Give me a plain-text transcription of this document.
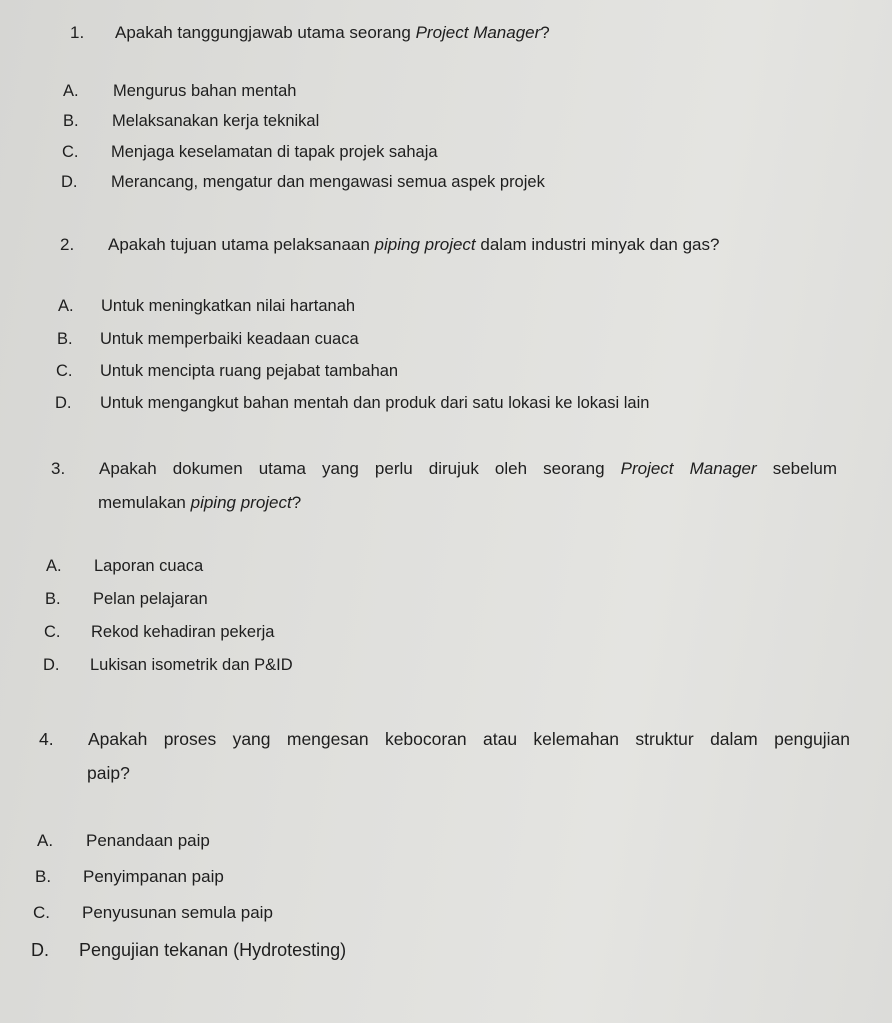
1. Apakah tanggungjawab utama seorang Project Manager?
A. Mengurus bahan mentah
B. Melaksanakan kerja teknikal
C. Menjaga keselamatan di tapak projek sahaja
D. Merancang, mengatur dan mengawasi semua aspek projek
2. Apakah tujuan utama pelaksanaan piping project dalam industri minyak dan gas?
A. Untuk meningkatkan nilai hartanah
B. Untuk memperbaiki keadaan cuaca
C. Untuk mencipta ruang pejabat tambahan
D. Untuk mengangkut bahan mentah dan produk dari satu lokasi ke lokasi lain
3. Apakah dokumen utama yang perlu dirujuk oleh seorang Project Manager sebelum
memulakan piping project?
A. Laporan cuaca
B. Pelan pelajaran
C. Rekod kehadiran pekerja
D. Lukisan isometrik dan P&ID
4. Apakah proses yang mengesan kebocoran atau kelemahan struktur dalam pengujian
paip?
A. Penandaan paip
B. Penyimpanan paip
C. Penyusunan semula paip
D. Pengujian tekanan (Hydrotesting)
